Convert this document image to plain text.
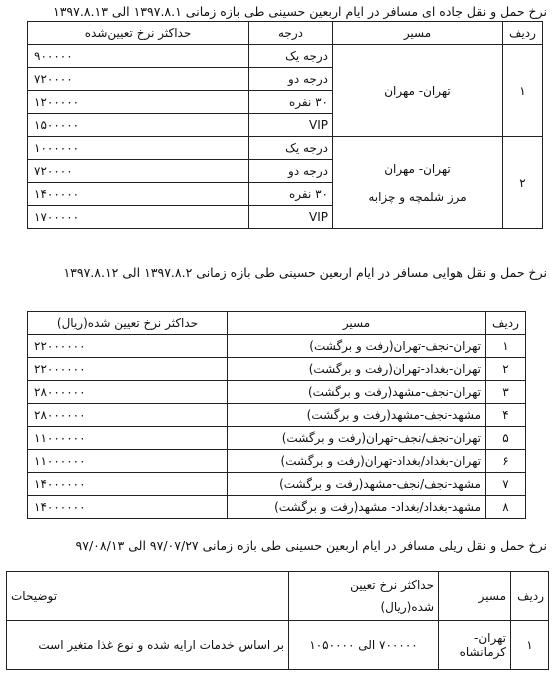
نرخ حمل و نقل جاده ای مسافر در ایام اربعین حسینی طی بازه زمانی ۱۳۹۷.۸.۱ الی ۱۳۹۷.۸.۱۳
ردیف	مسیر	درجه	حداکثر نرخ تعیین‌شده
۱	تهران- مهران	درجه یک	۹۰۰۰۰۰
		درجه دو	۷۲۰۰۰۰
		۳۰ نفره	۱۲۰۰۰۰۰
		VIP	۱۵۰۰۰۰۰
۲	تهران- مهران
مرز شلمچه و چزابه	درجه یک	۱۰۰۰۰۰۰
		درجه دو	۷۲۰۰۰۰
		۳۰ نفره	۱۴۰۰۰۰۰
		VIP	۱۷۰۰۰۰۰
نرخ حمل و نقل هوایی مسافر در ایام اربعین حسینی طی بازه زمانی ۱۳۹۷.۸.۲ الی ۱۳۹۷.۸.۱۲
ردیف	مسیر	حداکثر نرخ تعیین شده(ریال)
۱	تهران-نجف-تهران(رفت و برگشت)	۲۲۰۰۰۰۰۰
۲	تهران-بغداد-تهران(رفت و برگشت)	۲۲۰۰۰۰۰۰
۳	تهران-نجف-مشهد(رفت و برگشت)	۲۸۰۰۰۰۰۰
۴	مشهد-نجف-مشهد(رفت و برگشت)	۲۸۰۰۰۰۰۰
۵	تهران-نجف/نجف-تهران(رفت و برگشت)	۱۱۰۰۰۰۰۰
۶	تهران-بغداد/بغداد-تهران(رفت و برگشت)	۱۱۰۰۰۰۰۰
۷	مشهد-نجف/نجف-مشهد(رفت و برگشت)	۱۴۰۰۰۰۰۰
۸	مشهد-بغداد/بغداد- مشهد(رفت و برگشت)	۱۴۰۰۰۰۰۰
نرخ حمل و نقل ریلی مسافر در ایام اربعین حسینی طی بازه زمانی ۹۷/۰۷/۲۷ الی ۹۷/۰۸/۱۳
ردیف	مسیر	حداکثر نرخ تعیین شده(ریال)	توضیحات
۱	تهران- کرمانشاه	۷۰۰۰۰۰ الی ۱۰۵۰۰۰۰	بر اساس خدمات ارایه شده و نوع غذا متغیر است
